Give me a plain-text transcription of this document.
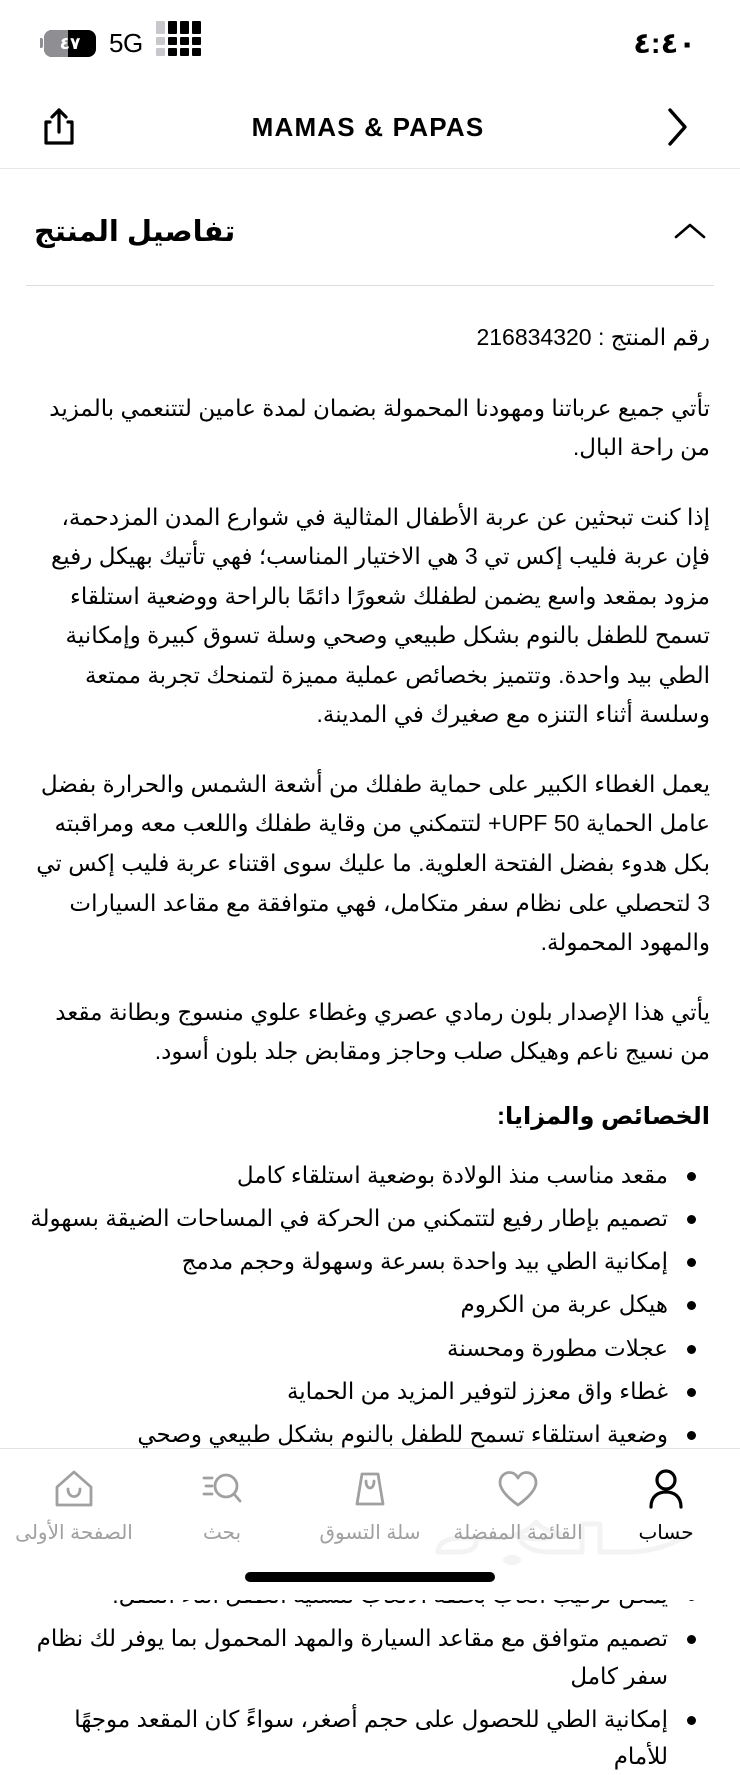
٤٧ 5G	٤:٤٠
MAMAS & PAPAS
تفاصيل المنتج
رقم المنتج : 216834320

تأتي جميع عرباتنا ومهودنا المحمولة بضمان لمدة عامين لتتنعمي بالمزيد من راحة البال.

إذا كنت تبحثين عن عربة الأطفال المثالية في شوارع المدن المزدحمة، فإن عربة فليب إكس تي 3 هي الاختيار المناسب؛ فهي تأتيك بهيكل رفيع مزود بمقعد واسع يضمن لطفلك شعورًا دائمًا بالراحة ووضعية استلقاء تسمح للطفل بالنوم بشكل طبيعي وصحي وسلة تسوق كبيرة وإمكانية الطي بيد واحدة. وتتميز بخصائص عملية مميزة لتمنحك تجربة ممتعة وسلسة أثناء التنزه مع صغيرك في المدينة.

يعمل الغطاء الكبير على حماية طفلك من أشعة الشمس والحرارة بفضل عامل الحماية UPF 50+ لتتمكني من وقاية طفلك واللعب معه ومراقبته بكل هدوء بفضل الفتحة العلوية. ما عليك سوى اقتناء عربة فليب إكس تي 3 لتحصلي على نظام سفر متكامل، فهي متوافقة مع مقاعد السيارات والمهود المحمولة.

يأتي هذا الإصدار بلون رمادي عصري وغطاء علوي منسوج وبطانة مقعد من نسيج ناعم وهيكل صلب وحاجز ومقابض جلد بلون أسود.

الخصائص والمزايا:
مقعد مناسب منذ الولادة بوضعية استلقاء كامل
تصميم بإطار رفيع لتتمكني من الحركة في المساحات الضيقة بسهولة
إمكانية الطي بيد واحدة بسرعة وسهولة وحجم مدمج
هيكل عربة من الكروم
عجلات مطورة ومحسنة
غطاء واق معزز لتوفير المزيد من الحماية
وضعية استلقاء تسمح للطفل بالنوم بشكل طبيعي وصحي
تصميم متوافق مع مقاعد السيارة والمهد المحمول بما يوفر لك نظام سفر كامل
إمكانية الطي للحصول على حجم أصغر، سواءً كان المقعد موجهًا للأمام
حساب
القائمة المفضلة
سلة التسوق
بحث
الصفحة الأولى
